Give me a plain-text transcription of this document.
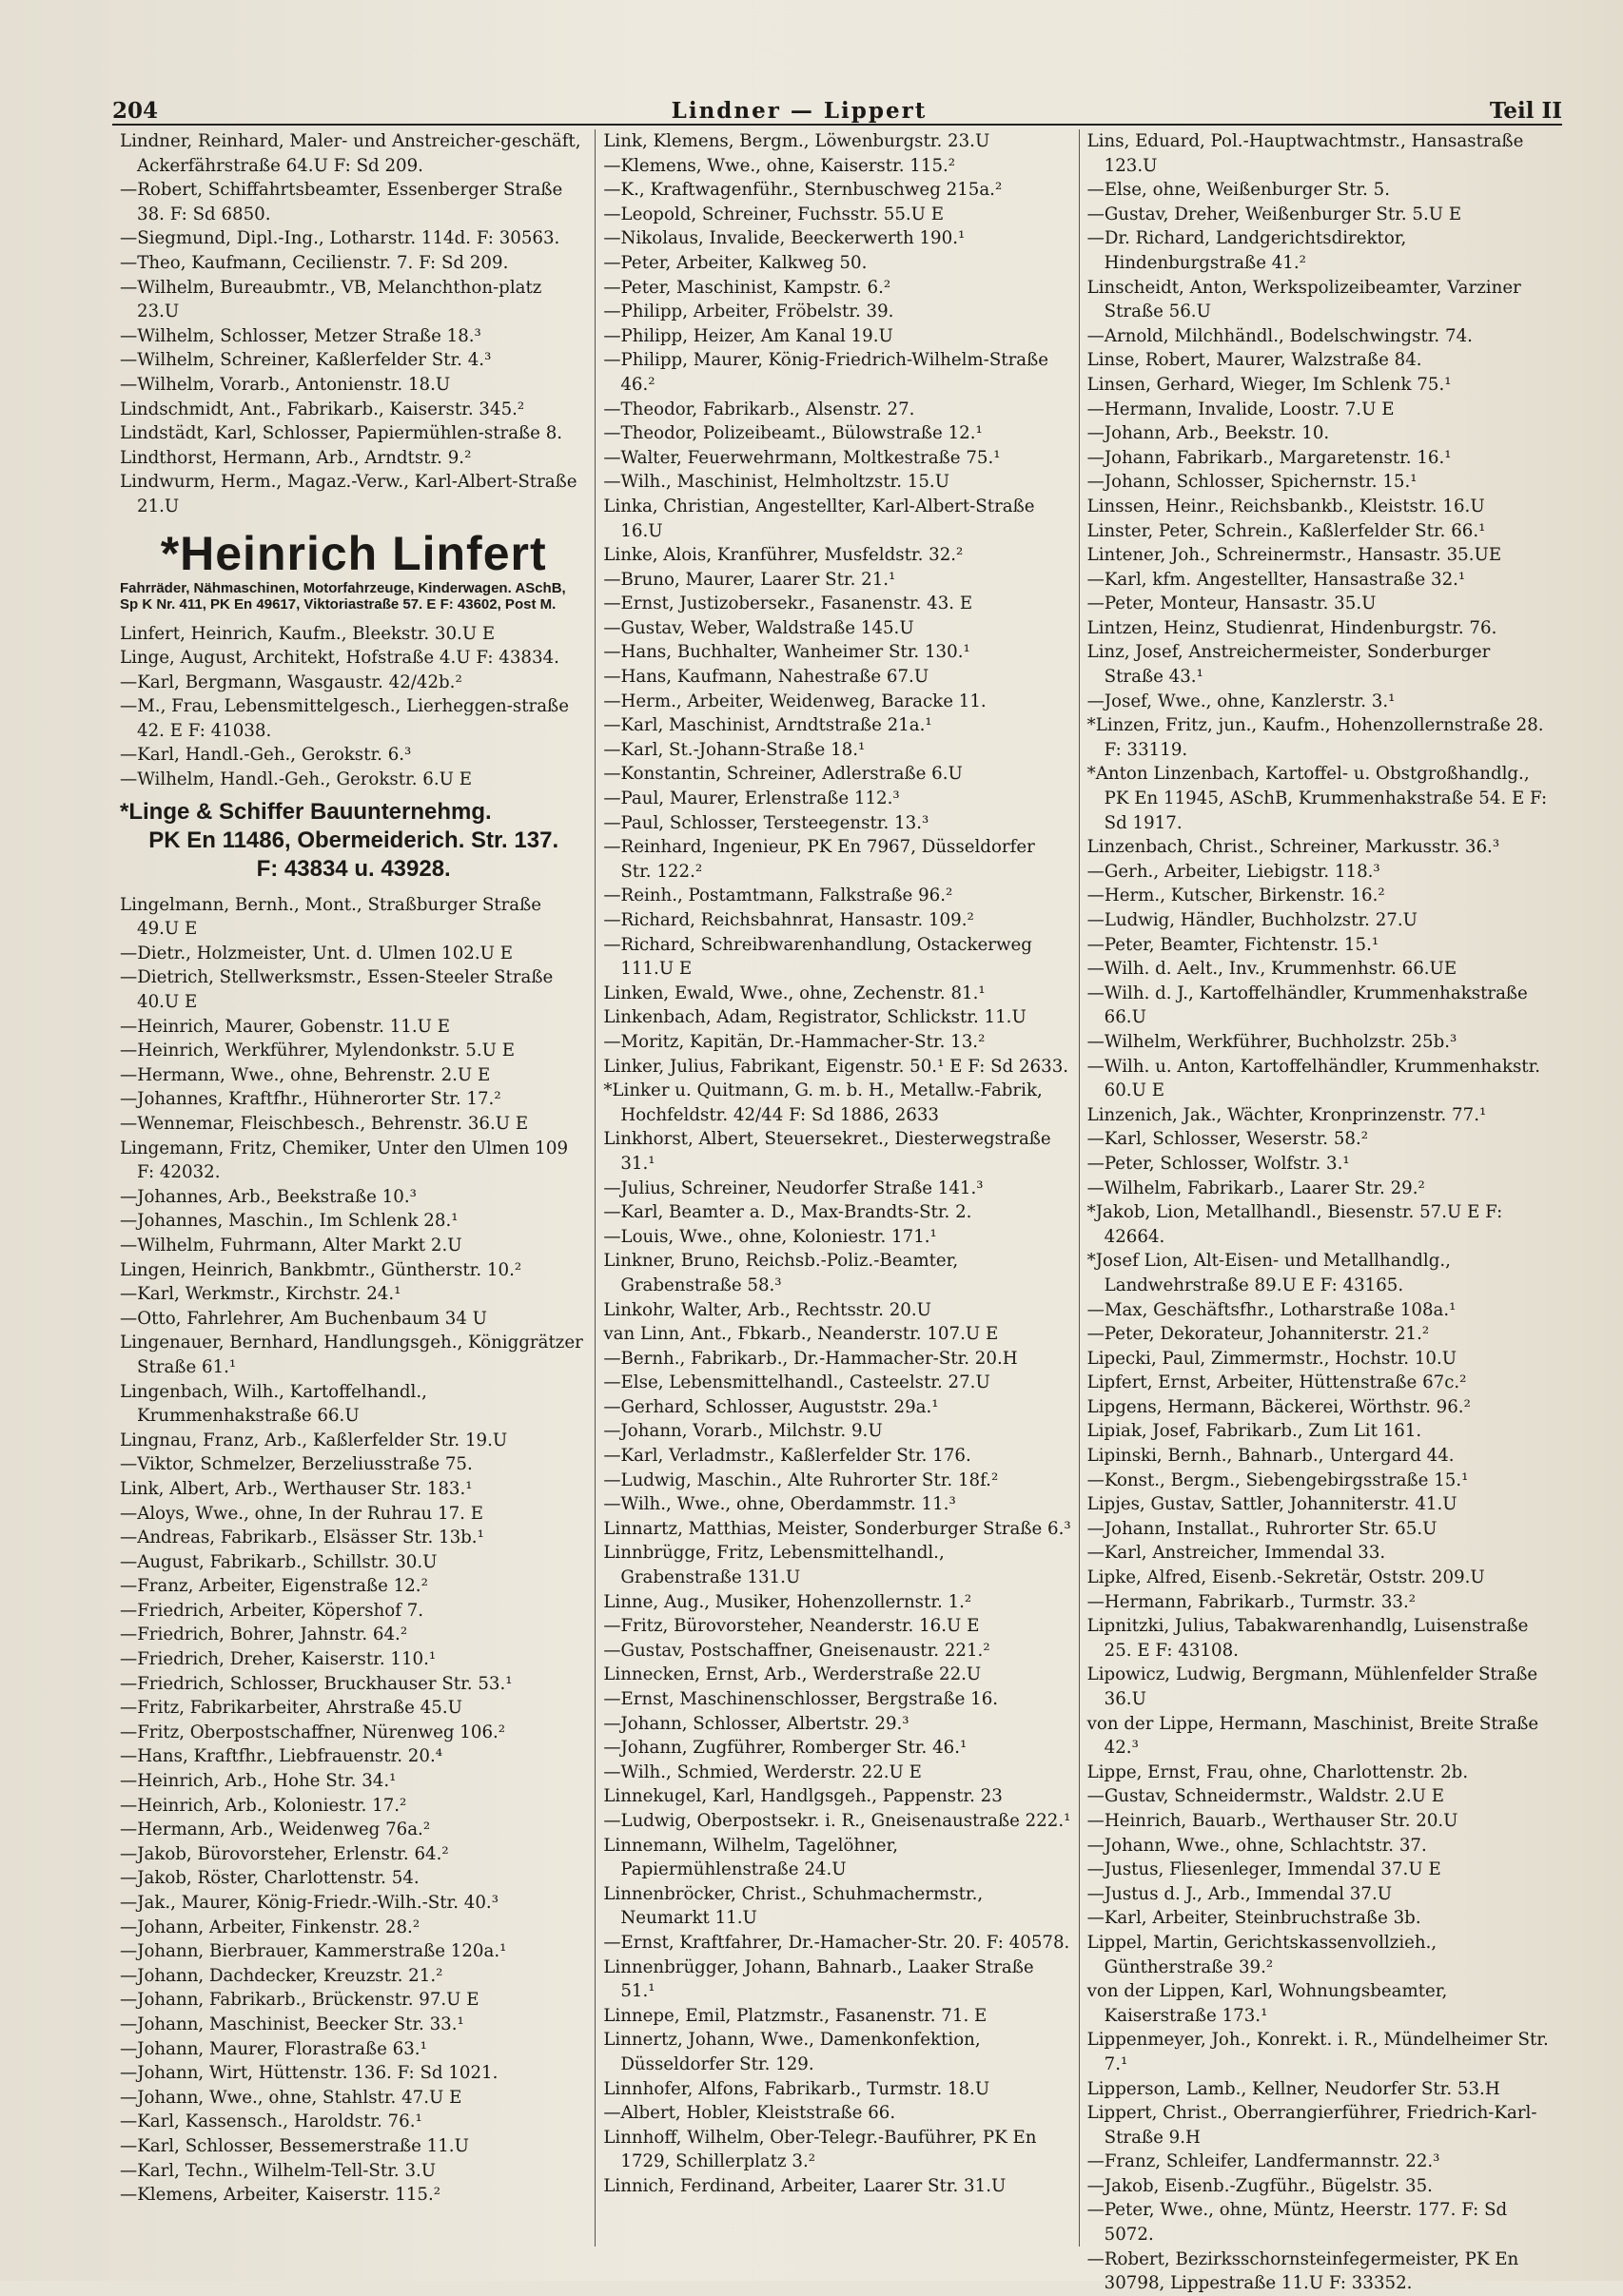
204	Lindner — Lippert	Teil II
Lindner, Reinhard, Maler- und Anstreicher-geschäft, Ackerfährstraße 64.U F: Sd 209.
—Robert, Schiffahrtsbeamter, Essenberger Straße 38. F: Sd 6850.
—Siegmund, Dipl.-Ing., Lotharstr. 114d. F: 30563.
—Theo, Kaufmann, Cecilienstr. 7. F: Sd 209.
—Wilhelm, Bureaubmtr., VB, Melanchthon-platz 23.U
—Wilhelm, Schlosser, Metzer Straße 18.³
—Wilhelm, Schreiner, Kaßlerfelder Str. 4.³
—Wilhelm, Vorarb., Antonienstr. 18.U
Lindschmidt, Ant., Fabrikarb., Kaiserstr. 345.²
Lindstädt, Karl, Schlosser, Papiermühlen-straße 8.
Lindthorst, Hermann, Arb., Arndtstr. 9.²
Lindwurm, Herm., Magaz.-Verw., Karl-Albert-Straße 21.U
*Heinrich Linfert
Fahrräder, Nähmaschinen, Motorfahrzeuge, Kinderwagen. ASchB, Sp K Nr. 411, PK En 49617, Viktoriastraße 57. E F: 43602, Post M.
Linfert, Heinrich, Kaufm., Bleekstr. 30.U E
Linge, August, Architekt, Hofstraße 4.U F: 43834.
—Karl, Bergmann, Wasgaustr. 42/42b.²
—M., Frau, Lebensmittelgesch., Lierheggen-straße 42. E F: 41038.
—Karl, Handl.-Geh., Gerokstr. 6.³
—Wilhelm, Handl.-Geh., Gerokstr. 6.U E
*Linge & Schiffer Bauunternehmg.
PK En 11486, Obermeiderich. Str. 137.
F: 43834 u. 43928.
Lingelmann, Bernh., Mont., Straßburger Straße 49.U E
—Dietr., Holzmeister, Unt. d. Ulmen 102.U E
—Dietrich, Stellwerksmstr., Essen-Steeler Straße 40.U E
—Heinrich, Maurer, Gobenstr. 11.U E
—Heinrich, Werkführer, Mylendonkstr. 5.U E
—Hermann, Wwe., ohne, Behrenstr. 2.U E
—Johannes, Kraftfhr., Hühnerorter Str. 17.²
—Wennemar, Fleischbesch., Behrenstr. 36.U E
Lingemann, Fritz, Chemiker, Unter den Ulmen 109 F: 42032.
—Johannes, Arb., Beekstraße 10.³
—Johannes, Maschin., Im Schlenk 28.¹
—Wilhelm, Fuhrmann, Alter Markt 2.U
Lingen, Heinrich, Bankbmtr., Güntherstr. 10.²
—Karl, Werkmstr., Kirchstr. 24.¹
—Otto, Fahrlehrer, Am Buchenbaum 34 U
Lingenauer, Bernhard, Handlungsgeh., Königgrätzer Straße 61.¹
Lingenbach, Wilh., Kartoffelhandl., Krummenhakstraße 66.U
Lingnau, Franz, Arb., Kaßlerfelder Str. 19.U
—Viktor, Schmelzer, Berzeliusstraße 75.
Link, Albert, Arb., Werthauser Str. 183.¹
—Aloys, Wwe., ohne, In der Ruhrau 17. E
—Andreas, Fabrikarb., Elsässer Str. 13b.¹
—August, Fabrikarb., Schillstr. 30.U
—Franz, Arbeiter, Eigenstraße 12.²
—Friedrich, Arbeiter, Köpershof 7.
—Friedrich, Bohrer, Jahnstr. 64.²
—Friedrich, Dreher, Kaiserstr. 110.¹
—Friedrich, Schlosser, Bruckhauser Str. 53.¹
—Fritz, Fabrikarbeiter, Ahrstraße 45.U
—Fritz, Oberpostschaffner, Nürenweg 106.²
—Hans, Kraftfhr., Liebfrauenstr. 20.⁴
—Heinrich, Arb., Hohe Str. 34.¹
—Heinrich, Arb., Koloniestr. 17.²
—Hermann, Arb., Weidenweg 76a.²
—Jakob, Bürovorsteher, Erlenstr. 64.²
—Jakob, Röster, Charlottenstr. 54.
—Jak., Maurer, König-Friedr.-Wilh.-Str. 40.³
—Johann, Arbeiter, Finkenstr. 28.²
—Johann, Bierbrauer, Kammerstraße 120a.¹
—Johann, Dachdecker, Kreuzstr. 21.²
—Johann, Fabrikarb., Brückenstr. 97.U E
—Johann, Maschinist, Beecker Str. 33.¹
—Johann, Maurer, Florastraße 63.¹
—Johann, Wirt, Hüttenstr. 136. F: Sd 1021.
—Johann, Wwe., ohne, Stahlstr. 47.U E
—Karl, Kassensch., Haroldstr. 76.¹
—Karl, Schlosser, Bessemerstraße 11.U
—Karl, Techn., Wilhelm-Tell-Str. 3.U
—Klemens, Arbeiter, Kaiserstr. 115.²
Link, Klemens, Bergm., Löwenburgstr. 23.U
—Klemens, Wwe., ohne, Kaiserstr. 115.²
—K., Kraftwagenführ., Sternbuschweg 215a.²
—Leopold, Schreiner, Fuchsstr. 55.U E
—Nikolaus, Invalide, Beeckerwerth 190.¹
—Peter, Arbeiter, Kalkweg 50.
—Peter, Maschinist, Kampstr. 6.²
—Philipp, Arbeiter, Fröbelstr. 39.
—Philipp, Heizer, Am Kanal 19.U
—Philipp, Maurer, König-Friedrich-Wilhelm-Straße 46.²
—Theodor, Fabrikarb., Alsenstr. 27.
—Theodor, Polizeibeamt., Bülowstraße 12.¹
—Walter, Feuerwehrmann, Moltkestraße 75.¹
—Wilh., Maschinist, Helmholtzstr. 15.U
Linka, Christian, Angestellter, Karl-Albert-Straße 16.U
Linke, Alois, Kranführer, Musfeldstr. 32.²
—Bruno, Maurer, Laarer Str. 21.¹
—Ernst, Justizobersekr., Fasanenstr. 43. E
—Gustav, Weber, Waldstraße 145.U
—Hans, Buchhalter, Wanheimer Str. 130.¹
—Hans, Kaufmann, Nahestraße 67.U
—Herm., Arbeiter, Weidenweg, Baracke 11.
—Karl, Maschinist, Arndtstraße 21a.¹
—Karl, St.-Johann-Straße 18.¹
—Konstantin, Schreiner, Adlerstraße 6.U
—Paul, Maurer, Erlenstraße 112.³
—Paul, Schlosser, Tersteegenstr. 13.³
—Reinhard, Ingenieur, PK En 7967, Düsseldorfer Str. 122.²
—Reinh., Postamtmann, Falkstraße 96.²
—Richard, Reichsbahnrat, Hansastr. 109.²
—Richard, Schreibwarenhandlung, Ostackerweg 111.U E
Linken, Ewald, Wwe., ohne, Zechenstr. 81.¹
Linkenbach, Adam, Registrator, Schlickstr. 11.U
—Moritz, Kapitän, Dr.-Hammacher-Str. 13.²
Linker, Julius, Fabrikant, Eigenstr. 50.¹ E F: Sd 2633.
*Linker u. Quitmann, G. m. b. H., Metallw.-Fabrik, Hochfeldstr. 42/44 F: Sd 1886, 2633
Linkhorst, Albert, Steuersekret., Diesterwegstraße 31.¹
—Julius, Schreiner, Neudorfer Straße 141.³
—Karl, Beamter a. D., Max-Brandts-Str. 2.
—Louis, Wwe., ohne, Koloniestr. 171.¹
Linkner, Bruno, Reichsb.-Poliz.-Beamter, Grabenstraße 58.³
Linkohr, Walter, Arb., Rechtsstr. 20.U
van Linn, Ant., Fbkarb., Neanderstr. 107.U E
—Bernh., Fabrikarb., Dr.-Hammacher-Str. 20.H
—Else, Lebensmittelhandl., Casteelstr. 27.U
—Gerhard, Schlosser, Auguststr. 29a.¹
—Johann, Vorarb., Milchstr. 9.U
—Karl, Verladmstr., Kaßlerfelder Str. 176.
—Ludwig, Maschin., Alte Ruhrorter Str. 18f.²
—Wilh., Wwe., ohne, Oberdammstr. 11.³
Linnartz, Matthias, Meister, Sonderburger Straße 6.³
Linnbrügge, Fritz, Lebensmittelhandl., Grabenstraße 131.U
Linne, Aug., Musiker, Hohenzollernstr. 1.²
—Fritz, Bürovorsteher, Neanderstr. 16.U E
—Gustav, Postschaffner, Gneisenaustr. 221.²
Linnecken, Ernst, Arb., Werderstraße 22.U
—Ernst, Maschinenschlosser, Bergstraße 16.
—Johann, Schlosser, Albertstr. 29.³
—Johann, Zugführer, Romberger Str. 46.¹
—Wilh., Schmied, Werderstr. 22.U E
Linnekugel, Karl, Handlgsgeh., Pappenstr. 23
—Ludwig, Oberpostsekr. i. R., Gneisenaustraße 222.¹
Linnemann, Wilhelm, Tagelöhner, Papiermühlenstraße 24.U
Linnenbröcker, Christ., Schuhmachermstr., Neumarkt 11.U
—Ernst, Kraftfahrer, Dr.-Hamacher-Str. 20. F: 40578.
Linnenbrügger, Johann, Bahnarb., Laaker Straße 51.¹
Linnepe, Emil, Platzmstr., Fasanenstr. 71. E
Linnertz, Johann, Wwe., Damenkonfektion, Düsseldorfer Str. 129.
Linnhofer, Alfons, Fabrikarb., Turmstr. 18.U
—Albert, Hobler, Kleiststraße 66.
Linnhoff, Wilhelm, Ober-Telegr.-Bauführer, PK En 1729, Schillerplatz 3.²
Linnich, Ferdinand, Arbeiter, Laarer Str. 31.U
Lins, Eduard, Pol.-Hauptwachtmstr., Hansastraße 123.U
—Else, ohne, Weißenburger Str. 5.
—Gustav, Dreher, Weißenburger Str. 5.U E
—Dr. Richard, Landgerichtsdirektor, Hindenburgstraße 41.²
Linscheidt, Anton, Werkspolizeibeamter, Varziner Straße 56.U
—Arnold, Milchhändl., Bodelschwingstr. 74.
Linse, Robert, Maurer, Walzstraße 84.
Linsen, Gerhard, Wieger, Im Schlenk 75.¹
—Hermann, Invalide, Loostr. 7.U E
—Johann, Arb., Beekstr. 10.
—Johann, Fabrikarb., Margaretenstr. 16.¹
—Johann, Schlosser, Spichernstr. 15.¹
Linssen, Heinr., Reichsbankb., Kleiststr. 16.U
Linster, Peter, Schrein., Kaßlerfelder Str. 66.¹
Lintener, Joh., Schreinermstr., Hansastr. 35.UE
—Karl, kfm. Angestellter, Hansastraße 32.¹
—Peter, Monteur, Hansastr. 35.U
Lintzen, Heinz, Studienrat, Hindenburgstr. 76.
Linz, Josef, Anstreichermeister, Sonderburger Straße 43.¹
—Josef, Wwe., ohne, Kanzlerstr. 3.¹
*Linzen, Fritz, jun., Kaufm., Hohenzollernstraße 28. F: 33119.
*Anton Linzenbach, Kartoffel- u. Obstgroßhandlg., PK En 11945, ASchB, Krummenhakstraße 54. E F: Sd 1917.
Linzenbach, Christ., Schreiner, Markusstr. 36.³
—Gerh., Arbeiter, Liebigstr. 118.³
—Herm., Kutscher, Birkenstr. 16.²
—Ludwig, Händler, Buchholzstr. 27.U
—Peter, Beamter, Fichtenstr. 15.¹
—Wilh. d. Aelt., Inv., Krummenhstr. 66.UE
—Wilh. d. J., Kartoffelhändler, Krummenhakstraße 66.U
—Wilhelm, Werkführer, Buchholzstr. 25b.³
—Wilh. u. Anton, Kartoffelhändler, Krummenhakstr. 60.U E
Linzenich, Jak., Wächter, Kronprinzenstr. 77.¹
—Karl, Schlosser, Weserstr. 58.²
—Peter, Schlosser, Wolfstr. 3.¹
—Wilhelm, Fabrikarb., Laarer Str. 29.²
*Jakob, Lion, Metallhandl., Biesenstr. 57.U E F: 42664.
*Josef Lion, Alt-Eisen- und Metallhandlg., Landwehrstraße 89.U E F: 43165.
—Max, Geschäftsfhr., Lotharstraße 108a.¹
—Peter, Dekorateur, Johanniterstr. 21.²
Lipecki, Paul, Zimmermstr., Hochstr. 10.U
Lipfert, Ernst, Arbeiter, Hüttenstraße 67c.²
Lipgens, Hermann, Bäckerei, Wörthstr. 96.²
Lipiak, Josef, Fabrikarb., Zum Lit 161.
Lipinski, Bernh., Bahnarb., Untergard 44.
—Konst., Bergm., Siebengebirgsstraße 15.¹
Lipjes, Gustav, Sattler, Johanniterstr. 41.U
—Johann, Installat., Ruhrorter Str. 65.U
—Karl, Anstreicher, Immendal 33.
Lipke, Alfred, Eisenb.-Sekretär, Oststr. 209.U
—Hermann, Fabrikarb., Turmstr. 33.²
Lipnitzki, Julius, Tabakwarenhandlg, Luisenstraße 25. E F: 43108.
Lipowicz, Ludwig, Bergmann, Mühlenfelder Straße 36.U
von der Lippe, Hermann, Maschinist, Breite Straße 42.³
Lippe, Ernst, Frau, ohne, Charlottenstr. 2b.
—Gustav, Schneidermstr., Waldstr. 2.U E
—Heinrich, Bauarb., Werthauser Str. 20.U
—Johann, Wwe., ohne, Schlachtstr. 37.
—Justus, Fliesenleger, Immendal 37.U E
—Justus d. J., Arb., Immendal 37.U
—Karl, Arbeiter, Steinbruchstraße 3b.
Lippel, Martin, Gerichtskassenvollzieh., Güntherstraße 39.²
von der Lippen, Karl, Wohnungsbeamter, Kaiserstraße 173.¹
Lippenmeyer, Joh., Konrekt. i. R., Mündelheimer Str. 7.¹
Lipperson, Lamb., Kellner, Neudorfer Str. 53.H
Lippert, Christ., Oberrangierführer, Friedrich-Karl-Straße 9.H
—Franz, Schleifer, Landfermannstr. 22.³
—Jakob, Eisenb.-Zugführ., Bügelstr. 35.
—Peter, Wwe., ohne, Müntz, Heerstr. 177. F: Sd 5072.
—Robert, Bezirksschornsteinfegermeister, PK En 30798, Lippestraße 11.U F: 33352.
